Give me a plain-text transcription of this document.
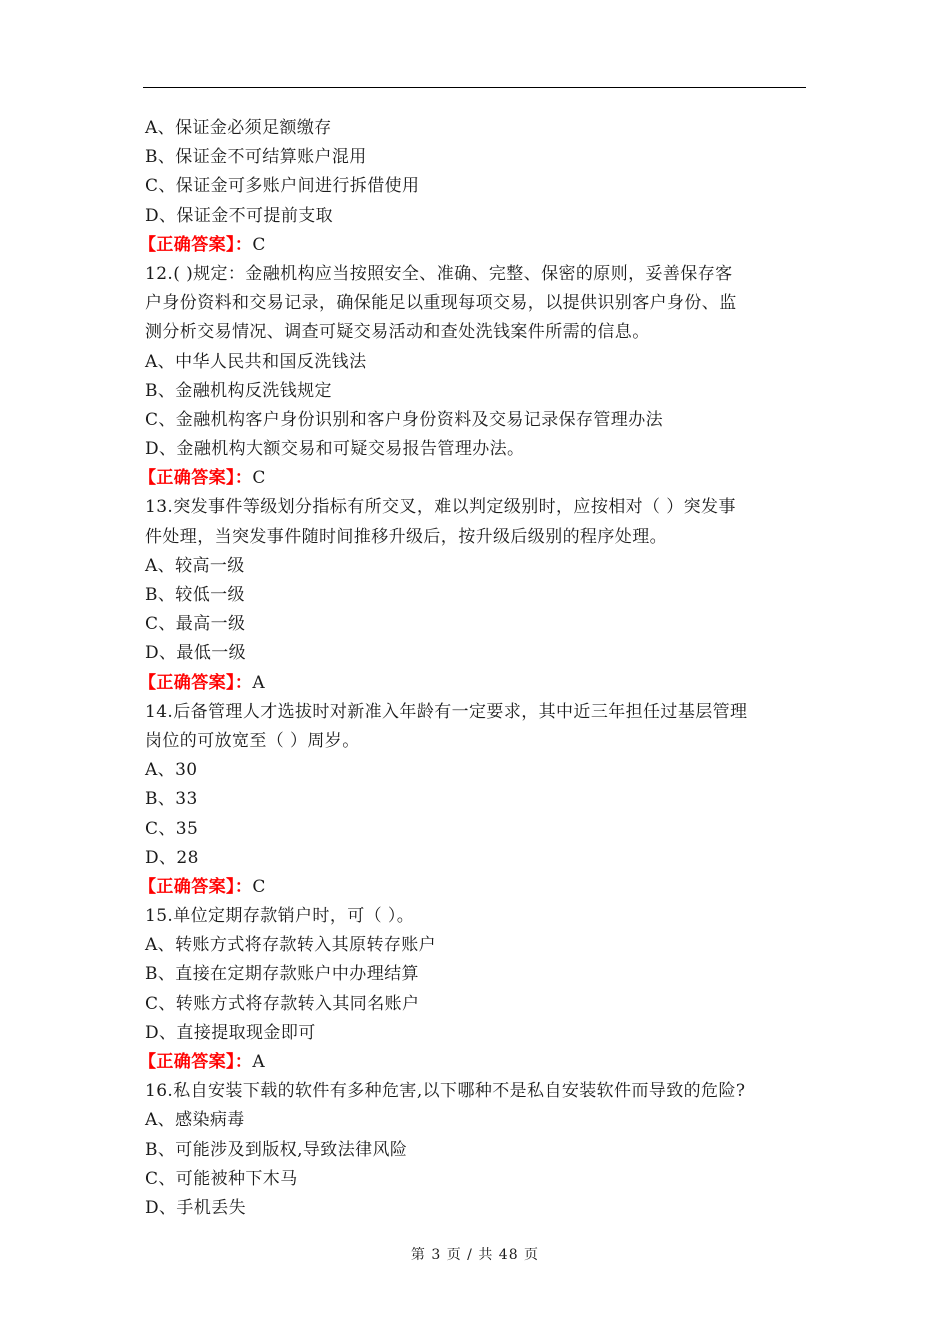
A、保证金必须足额缴存
B、保证金不可结算账户混用
C、保证金可多账户间进行拆借使用
D、保证金不可提前支取
【正确答案】：C
12.( )规定：金融机构应当按照安全、准确、完整、保密的原则，妥善保存客
户身份资料和交易记录，确保能足以重现每项交易，以提供识别客户身份、监
测分析交易情况、调查可疑交易活动和查处洗钱案件所需的信息。
A、中华人民共和国反洗钱法
B、金融机构反洗钱规定
C、金融机构客户身份识别和客户身份资料及交易记录保存管理办法
D、金融机构大额交易和可疑交易报告管理办法。
【正确答案】：C
13.突发事件等级划分指标有所交叉，难以判定级别时，应按相对（ ）突发事
件处理，当突发事件随时间推移升级后，按升级后级别的程序处理。
A、较高一级
B、较低一级
C、最高一级
D、最低一级
【正确答案】：A
14.后备管理人才选拔时对新准入年龄有一定要求，其中近三年担任过基层管理
岗位的可放宽至（ ）周岁。
A、30
B、33
C、35
D、28
【正确答案】：C
15.单位定期存款销户时，可（ ）。
A、转账方式将存款转入其原转存账户
B、直接在定期存款账户中办理结算
C、转账方式将存款转入其同名账户
D、直接提取现金即可
【正确答案】：A
16.私自安装下载的软件有多种危害,以下哪种不是私自安装软件而导致的危险?
A、感染病毒
B、可能涉及到版权,导致法律风险
C、可能被种下木马
D、手机丢失
第 3 页 / 共 48 页
